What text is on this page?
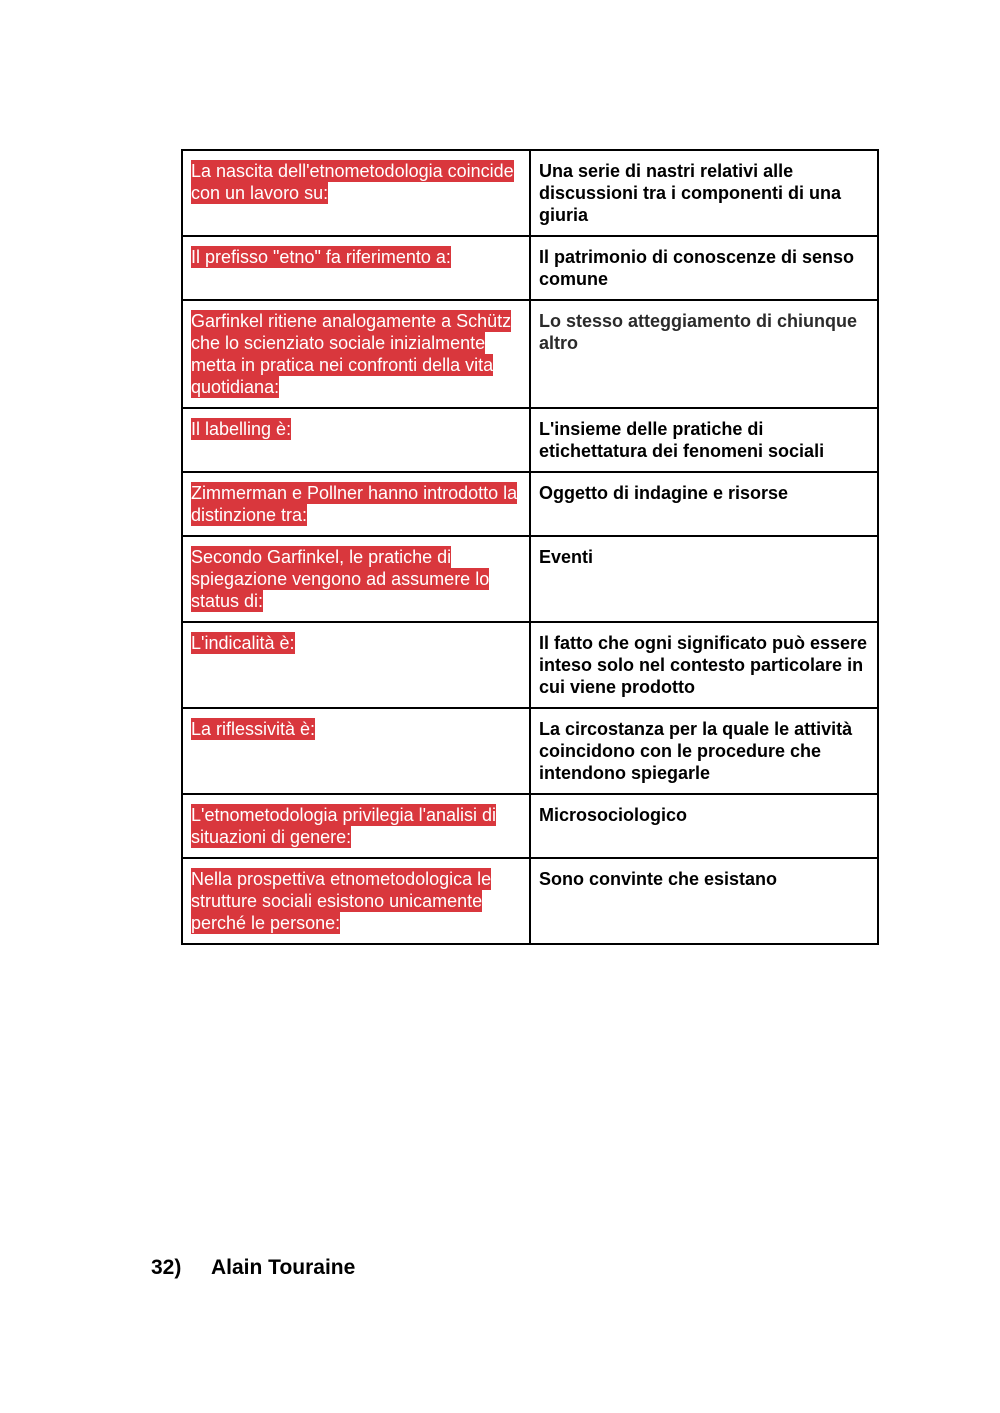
La nascita dell'etnometodologia coincide con un lavoro su:	Una serie di nastri relativi alle discussioni tra i componenti di una giuria
Il prefisso "etno" fa riferimento a:	Il patrimonio di conoscenze di senso comune
Garfinkel ritiene analogamente a Schütz che lo scienziato sociale inizialmente metta in pratica nei confronti della vita quotidiana:	Lo stesso atteggiamento di chiunque altro
Il labelling è:	L'insieme delle pratiche di etichettatura dei fenomeni sociali
Zimmerman e Pollner hanno introdotto la distinzione tra:	Oggetto di indagine e risorse
Secondo Garfinkel, le pratiche di spiegazione vengono ad assumere lo status di:	Eventi
L'indicalità è:	Il fatto che ogni significato può essere inteso solo nel contesto particolare in cui viene prodotto
La riflessività è:	La circostanza per la quale le attività coincidono con le procedure che intendono spiegarle
L'etnometodologia privilegia l'analisi di situazioni di genere:	Microsociologico
Nella prospettiva etnometodologica le strutture sociali esistono unicamente perché le persone:	Sono convinte che esistano
32) Alain Touraine
